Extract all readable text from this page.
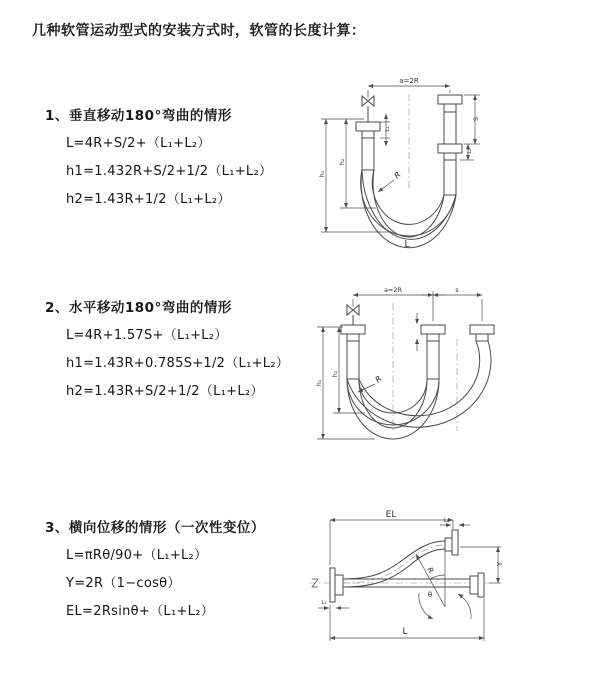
几种软管运动型式的安装方式时，软管的长度计算：
1、垂直移动180°弯曲的情形
L=4R+S/2+（L₁+L₂）
h1=1.432R+S/2+1/2（L₁+L₂）
h2=1.43R+1/2（L₁+L₂）
2、水平移动180°弯曲的情形
L=4R+1.57S+（L₁+L₂）
h1=1.43R+0.785S+1/2（L₁+L₂）
h2=1.43R+S/2+1/2（L₁+L₂）
3、横向位移的情形（一次性变位）
L=πRθ/90+（L₁+L₂）
Y=2R（1−cosθ）
EL=2Rsinθ+（L₁+L₂）
a=2R
h₁
h₂
L₁
S
L₂
R
L
a=2R	s
h₁
h₂
R
EL
L₂
Y
R
θ
L₁
L
